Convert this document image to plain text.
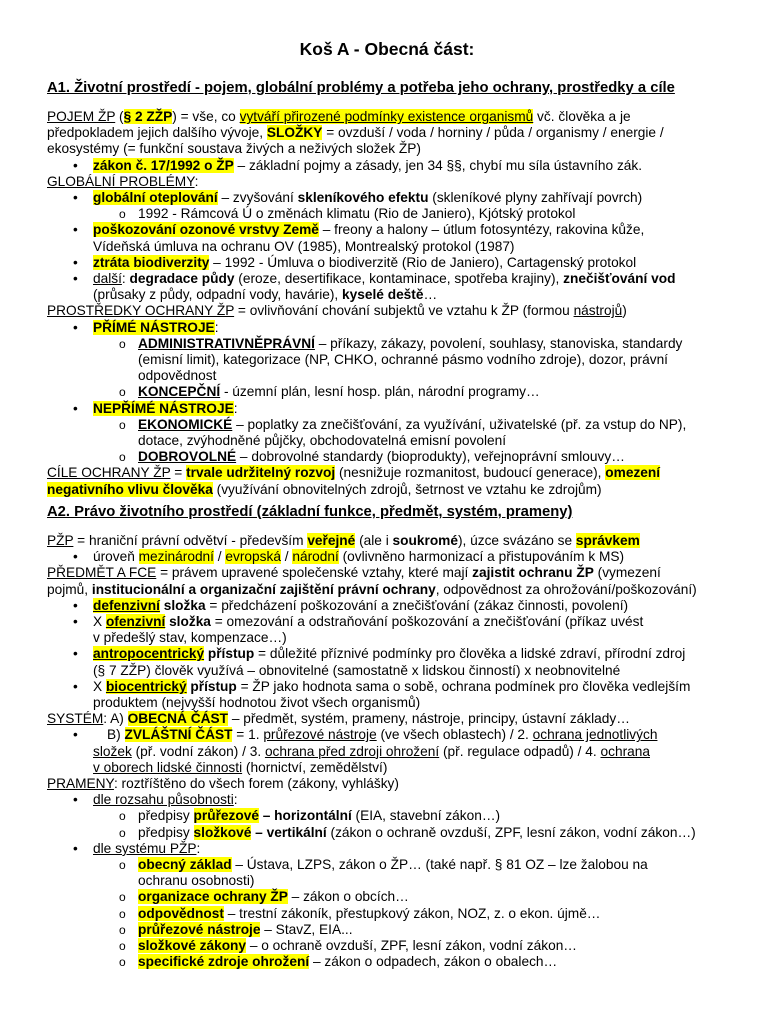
Koš A - Obecná část:
A1. Životní prostředí - pojem, globální problémy a potřeba jeho ochrany, prostředky a cíle
POJEM ŽP (§ 2 ZŽP) = vše, co vytváří přirozené podmínky existence organismů vč. člověka a je
předpokladem jejich dalšího vývoje, SLOŽKY = ovzduší / voda / horniny / půda / organismy / energie /
ekosystémy (= funkční soustava živých a neživých složek ŽP)
• zákon č. 17/1992 o ŽP – základní pojmy a zásady, jen 34 §§, chybí mu síla ústavního zák.
GLOBÁLNÍ PROBLÉMY:
• globální oteplování – zvyšování skleníkového efektu (skleníkové plyny zahřívají povrch)
o 1992 - Rámcová Ú o změnách klimatu (Rio de Janiero), Kjótský protokol
• poškozování ozonové vrstvy Země – freony a halony – útlum fotosyntézy, rakovina kůže,
Vídeňská úmluva na ochranu OV (1985), Montrealský protokol (1987)
• ztráta biodiverzity – 1992 - Úmluva o biodiverzitě (Rio de Janiero), Cartagenský protokol
• další: degradace půdy (eroze, desertifikace, kontaminace, spotřeba krajiny), znečišťování vod
(průsaky z půdy, odpadní vody, havárie), kyselé deště…
PROSTŘEDKY OCHRANY ŽP = ovlivňování chování subjektů ve vztahu k ŽP (formou nástrojů)
• PŘÍMÉ NÁSTROJE:
o ADMINISTRATIVNĚPRÁVNÍ – příkazy, zákazy, povolení, souhlasy, stanoviska, standardy
(emisní limit), kategorizace (NP, CHKO, ochranné pásmo vodního zdroje), dozor, právní
odpovědnost
o KONCEPČNÍ - územní plán, lesní hosp. plán, národní programy…
• NEPŘÍMÉ NÁSTROJE:
o EKONOMICKÉ – poplatky za znečišťování, za využívání, uživatelské (př. za vstup do NP),
dotace, zvýhodněné půjčky, obchodovatelná emisní povolení
o DOBROVOLNÉ – dobrovolné standardy (bioprodukty), veřejnoprávní smlouvy…
CÍLE OCHRANY ŽP = trvale udržitelný rozvoj (nesnižuje rozmanitost, budoucí generace), omezení
negativního vlivu člověka (využívání obnovitelných zdrojů, šetrnost ve vztahu ke zdrojům)
A2. Právo životního prostředí (základní funkce, předmět, systém, prameny)
PŽP = hraniční právní odvětví - především veřejné (ale i soukromé), úzce svázáno se správkem
• úroveň mezinárodní / evropská / národní (ovlivněno harmonizací a přistupováním k MS)
PŘEDMĚT A FCE = právem upravené společenské vztahy, které mají zajistit ochranu ŽP (vymezení
pojmů, institucionální a organizační zajištění právní ochrany, odpovědnost za ohrožování/poškozování)
• defenzivní složka = předcházení poškozování a znečišťování (zákaz činnosti, povolení)
• X ofenzivní složka = omezování a odstraňování poškozování a znečišťování (příkaz uvést
v předešlý stav, kompenzace…)
• antropocentrický přístup = důležité příznivé podmínky pro člověka a lidské zdraví, přírodní zdroj
(§ 7 ZŽP) člověk využívá – obnovitelné (samostatně x lidskou činností) x neobnovitelné
• X biocentrický přístup = ŽP jako hodnota sama o sobě, ochrana podmínek pro člověka vedlejším
produktem (nejvyšší hodnotou život všech organismů)
SYSTÉM: A) OBECNÁ ČÁST – předmět, systém, prameny, nástroje, principy, ústavní základy…
• B) ZVLÁŠTNÍ ČÁST = 1. průřezové nástroje (ve všech oblastech) / 2. ochrana jednotlivých
složek (př. vodní zákon) / 3. ochrana před zdroji ohrožení (př. regulace odpadů) / 4. ochrana
v oborech lidské činnosti (hornictví, zemědělství)
PRAMENY: roztříštěno do všech forem (zákony, vyhlášky)
• dle rozsahu působnosti:
o předpisy průřezové – horizontální (EIA, stavební zákon…)
o předpisy složkové – vertikální (zákon o ochraně ovzduší, ZPF, lesní zákon, vodní zákon…)
• dle systému PŽP:
o obecný základ – Ústava, LZPS, zákon o ŽP… (také např. § 81 OZ – lze žalobou na
ochranu osobnosti)
o organizace ochrany ŽP – zákon o obcích…
o odpovědnost – trestní zákoník, přestupkový zákon, NOZ, z. o ekon. újmě…
o průřezové nástroje – StavZ, EIA...
o složkové zákony – o ochraně ovzduší, ZPF, lesní zákon, vodní zákon…
o specifické zdroje ohrožení – zákon o odpadech, zákon o obalech…
